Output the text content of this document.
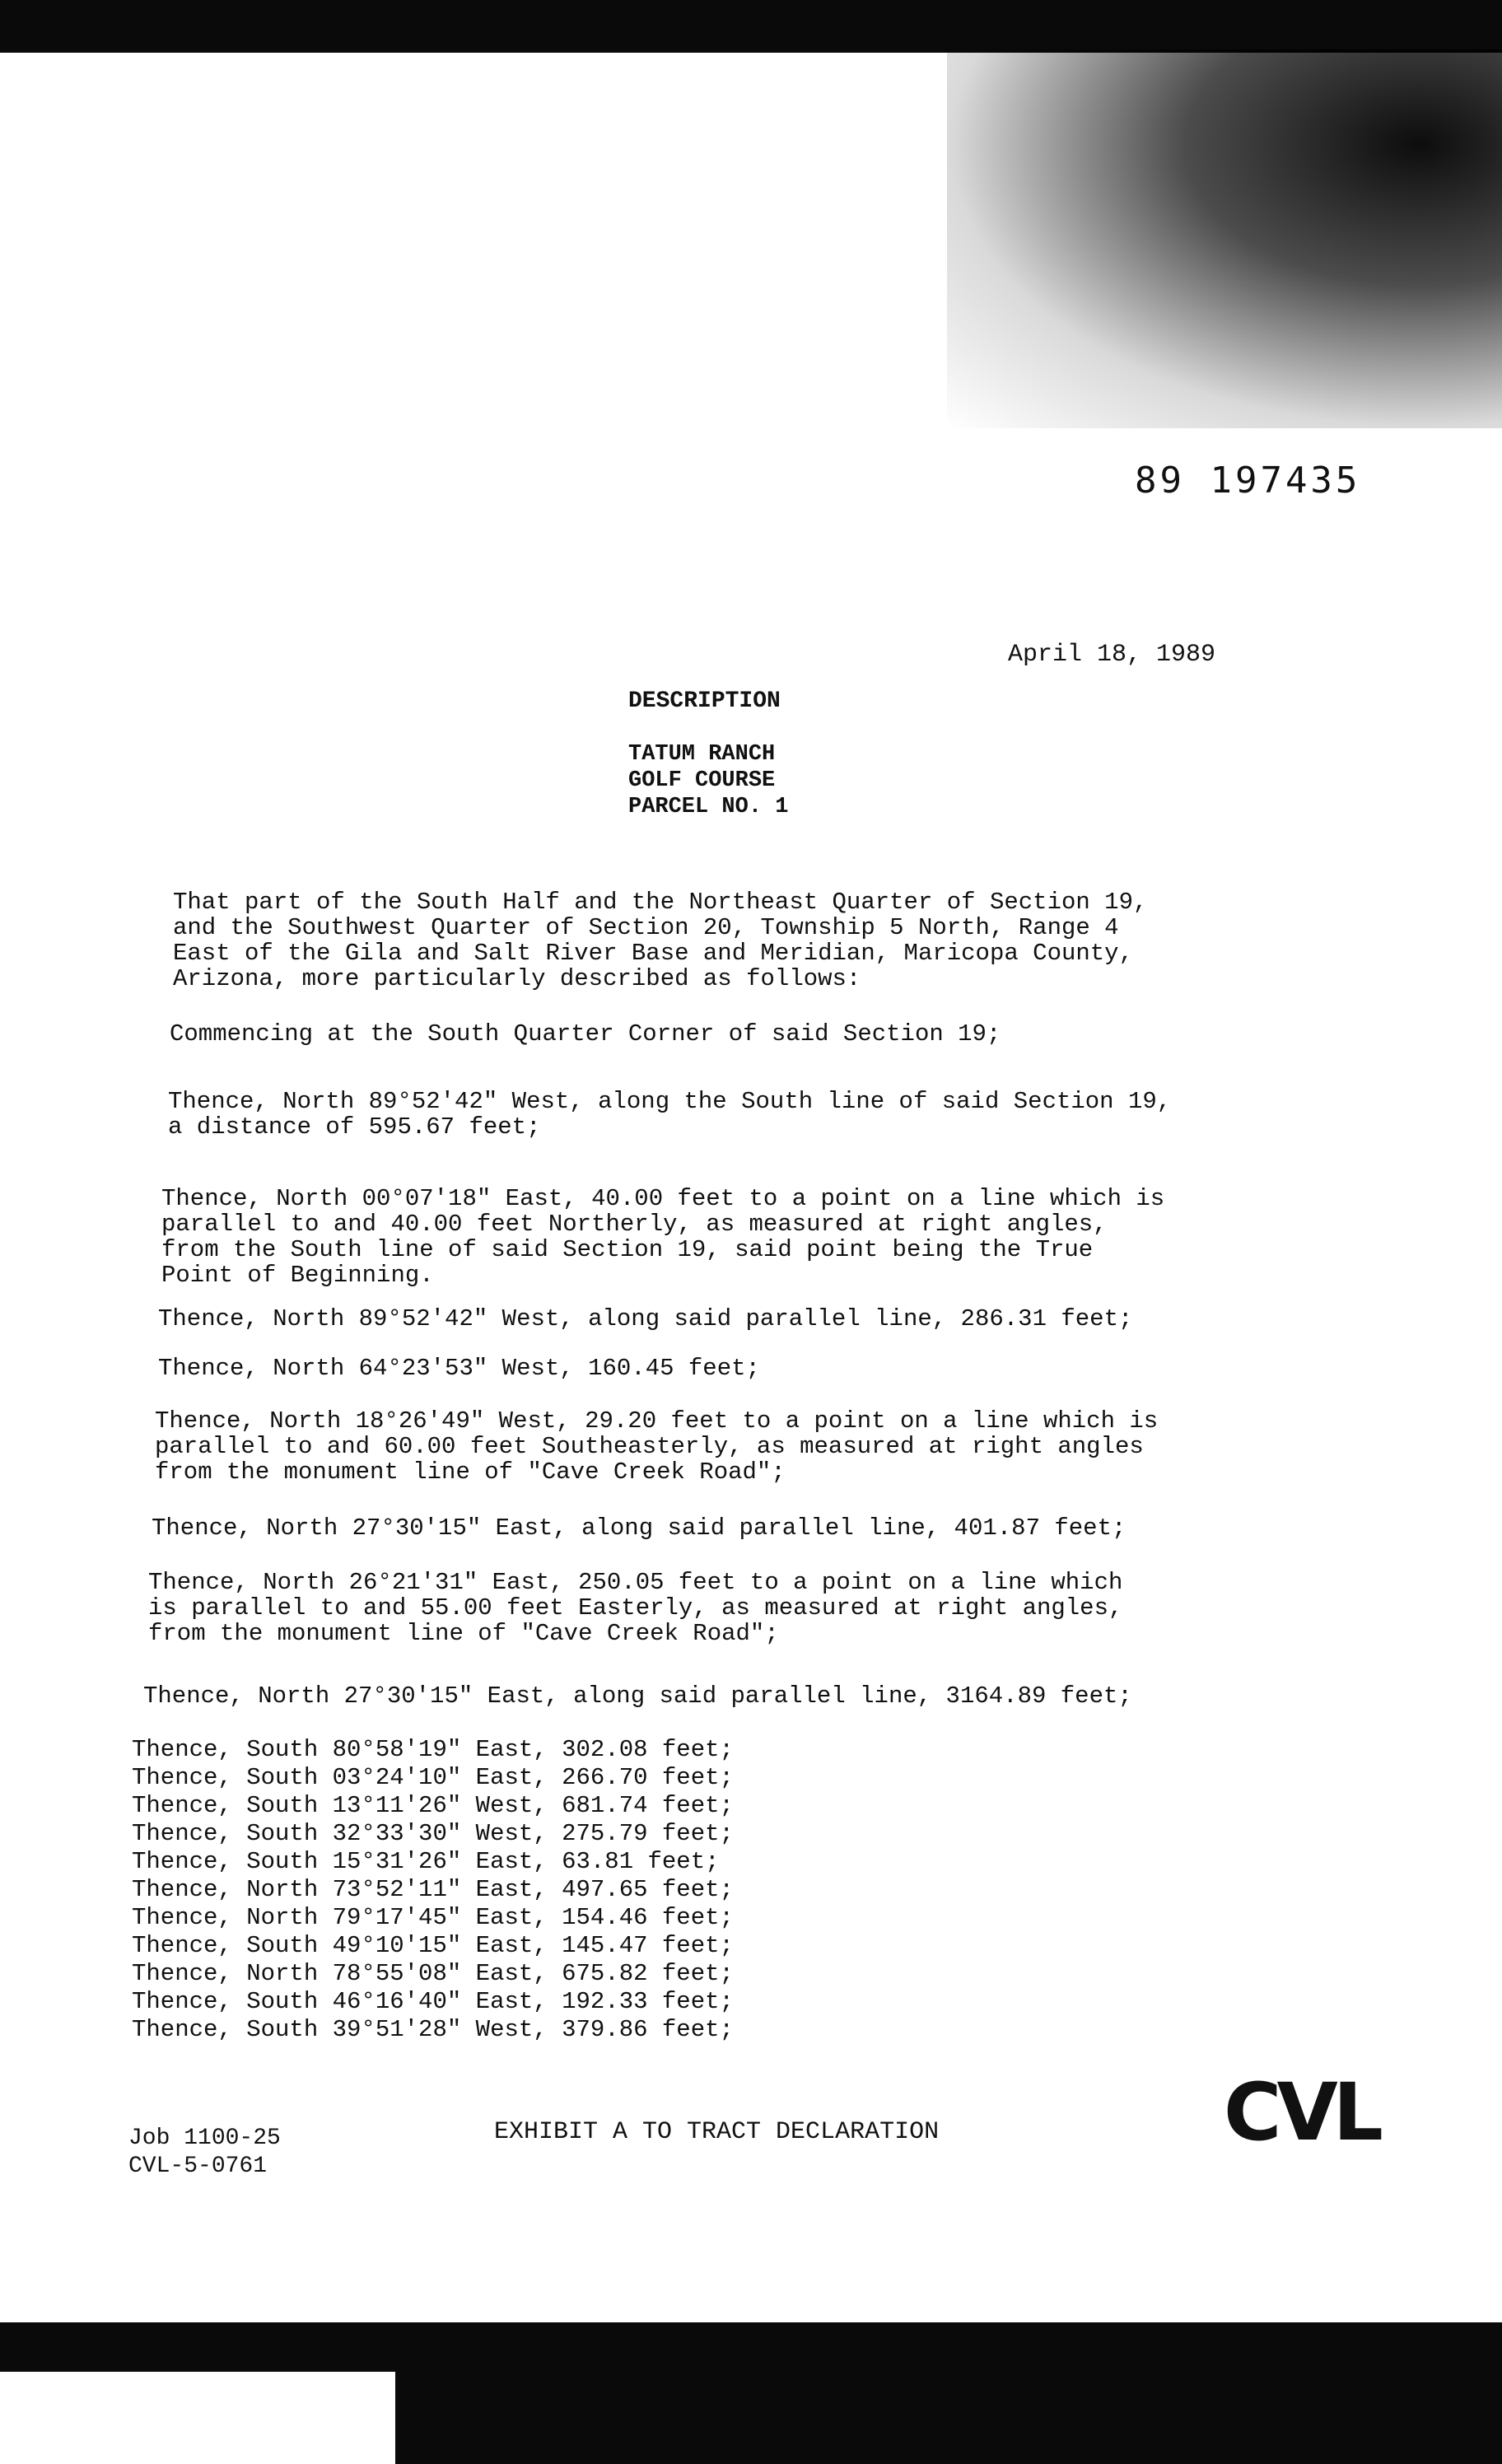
89 197435
April 18, 1989
DESCRIPTION
TATUM RANCH
GOLF COURSE
PARCEL NO. 1
That part of the South Half and the Northeast Quarter of Section 19,
and the Southwest Quarter of Section 20, Township 5 North, Range 4
East of the Gila and Salt River Base and Meridian, Maricopa County,
Arizona, more particularly described as follows:
Commencing at the South Quarter Corner of said Section 19;
Thence, North 89°52'42" West, along the South line of said Section 19,
a distance of 595.67 feet;
Thence, North 00°07'18" East, 40.00 feet to a point on a line which is
parallel to and 40.00 feet Northerly, as measured at right angles,
from the South line of said Section 19, said point being the True
Point of Beginning.
Thence, North 89°52'42" West, along said parallel line, 286.31 feet;
Thence, North 64°23'53" West, 160.45 feet;
Thence, North 18°26'49" West, 29.20 feet to a point on a line which is
parallel to and 60.00 feet Southeasterly, as measured at right angles
from the monument line of "Cave Creek Road";
Thence, North 27°30'15" East, along said parallel line, 401.87 feet;
Thence, North 26°21'31" East, 250.05 feet to a point on a line which
is parallel to and 55.00 feet Easterly, as measured at right angles,
from the monument line of "Cave Creek Road";
Thence, North 27°30'15" East, along said parallel line, 3164.89 feet;
Thence, South 80°58'19" East, 302.08 feet;
Thence, South 03°24'10" East, 266.70 feet;
Thence, South 13°11'26" West, 681.74 feet;
Thence, South 32°33'30" West, 275.79 feet;
Thence, South 15°31'26" East, 63.81 feet;
Thence, North 73°52'11" East, 497.65 feet;
Thence, North 79°17'45" East, 154.46 feet;
Thence, South 49°10'15" East, 145.47 feet;
Thence, North 78°55'08" East, 675.82 feet;
Thence, South 46°16'40" East, 192.33 feet;
Thence, South 39°51'28" West, 379.86 feet;
Job 1100-25
CVL-5-0761
EXHIBIT A TO TRACT DECLARATION	CVL
